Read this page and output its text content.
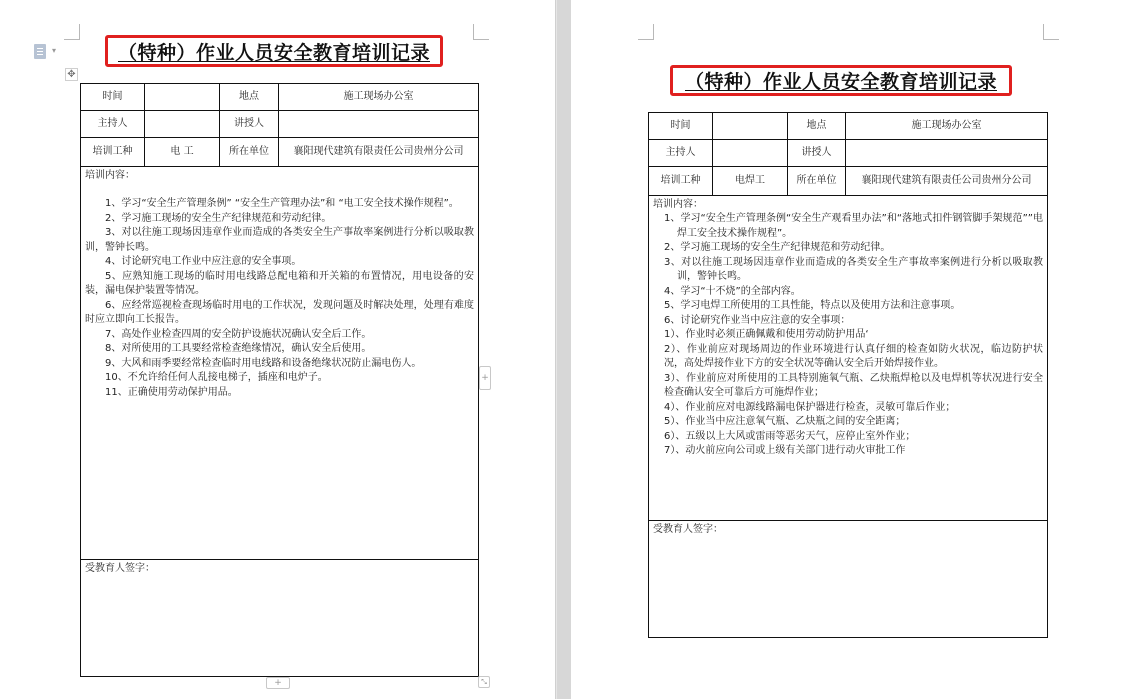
▾	（特种）作业人员安全教育培训记录
✥
时间		地点	施工现场办公室
主持人		讲授人	
培训工种	电 工	所在单位	襄阳现代建筑有限责任公司贵州分公司

培训内容：
1、学习“安全生产管理条例” “安全生产管理办法”和 “电工安全技术操作规程”。
2、学习施工现场的安全生产纪律规范和劳动纪律。
3、对以往施工现场因违章作业而造成的各类安全生产事故率案例进行分析以吸取教训，警钟长鸣。
4、讨论研究电工作业中应注意的安全事项。
5、应熟知施工现场的临时用电线路总配电箱和开关箱的布置情况，用电设备的安装，漏电保护装置等情况。
6、应经常巡视检查现场临时用电的工作状况，发现问题及时解决处理，处理有难度时应立即向工长报告。
7、高处作业检查四周的安全防护设施状况确认安全后工作。
8、对所使用的工具要经常检查绝缘情况，确认安全后使用。
9、大风和雨季要经常检查临时用电线路和设备绝缘状况防止漏电伤人。
10、不允许给任何人乱接电梯子，插座和电炉子。
11、正确使用劳动保护用品。

受教育人签字：			
+
+	⤡
（特种）作业人员安全教育培训记录
时间		地点	施工现场办公室
主持人		讲授人	
培训工种	电焊工	所在单位	襄阳现代建筑有限责任公司贵州分公司

培训内容：
1、学习“安全生产管理条例“安全生产观看里办法”和“落地式扣件钢管脚手架规范””电焊工安全技术操作规程”。
2、学习施工现场的安全生产纪律规范和劳动纪律。
3、对以往施工现场因违章作业而造成的各类安全生产事故率案例进行分析以吸取教训，警钟长鸣。
4、学习“十不烧”的全部内容。
5、学习电焊工所使用的工具性能，特点以及使用方法和注意事项。
6、讨论研究作业当中应注意的安全事项：
1）、作业时必须正确佩戴和使用劳动防护用品‘
2）、作业前应对现场周边的作业环境进行认真仔细的检查如防火状况，临边防护状况，高处焊接作业下方的安全状况等确认安全后开始焊接作业。
3）、作业前应对所使用的工具特别施氧气瓶、乙炔瓶焊枪以及电焊机等状况进行安全检查确认安全可靠后方可施焊作业；
4）、作业前应对电源线路漏电保护器进行检查，灵敏可靠后作业；
5）、作业当中应注意氧气瓶、乙炔瓶之间的安全距离；
6）、五级以上大风或雷雨等恶劣天气，应停止室外作业；
7）、动火前应向公司或上级有关部门进行动火审批工作

受教育人签字：			
